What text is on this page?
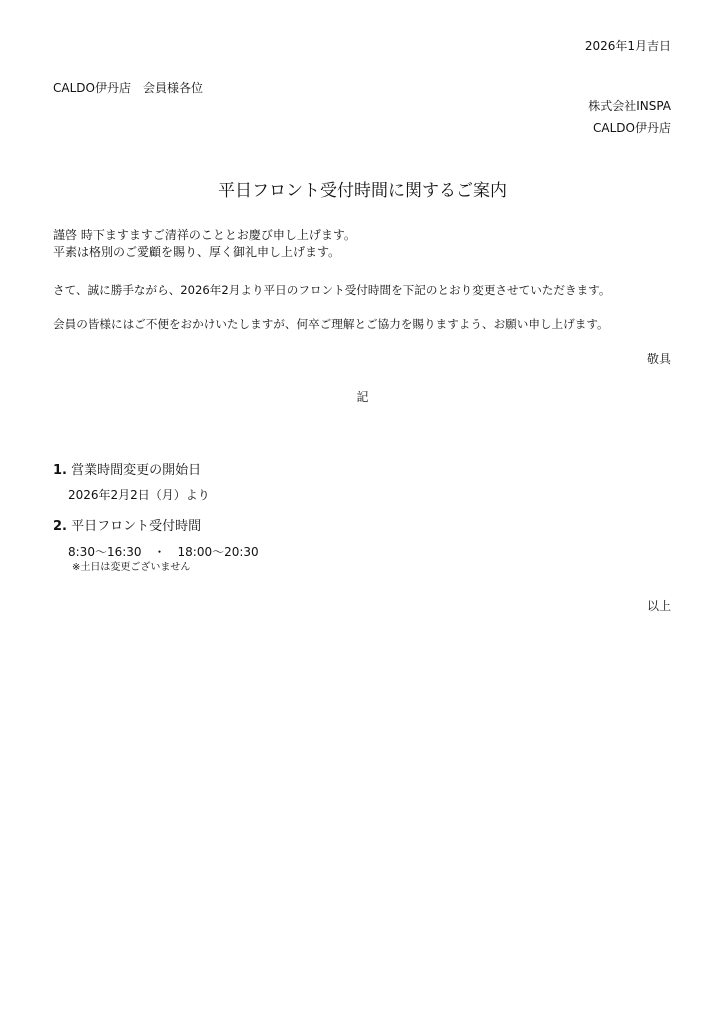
2026年1月吉日
CALDO伊丹店　会員様各位
株式会社INSPA
CALDO伊丹店
平日フロント受付時間に関するご案内
謹啓 時下ますますご清祥のこととお慶び申し上げます。
平素は格別のご愛顧を賜り、厚く御礼申し上げます。
さて、誠に勝手ながら、2026年2月より平日のフロント受付時間を下記のとおり変更させていただきます。
会員の皆様にはご不便をおかけいたしますが、何卒ご理解とご協力を賜りますよう、お願い申し上げます。
敬具
記
1. 営業時間変更の開始日
2026年2月2日（月）より
2. 平日フロント受付時間
8:30～16:30　・　18:00～20:30
※土日は変更ございません
以上
